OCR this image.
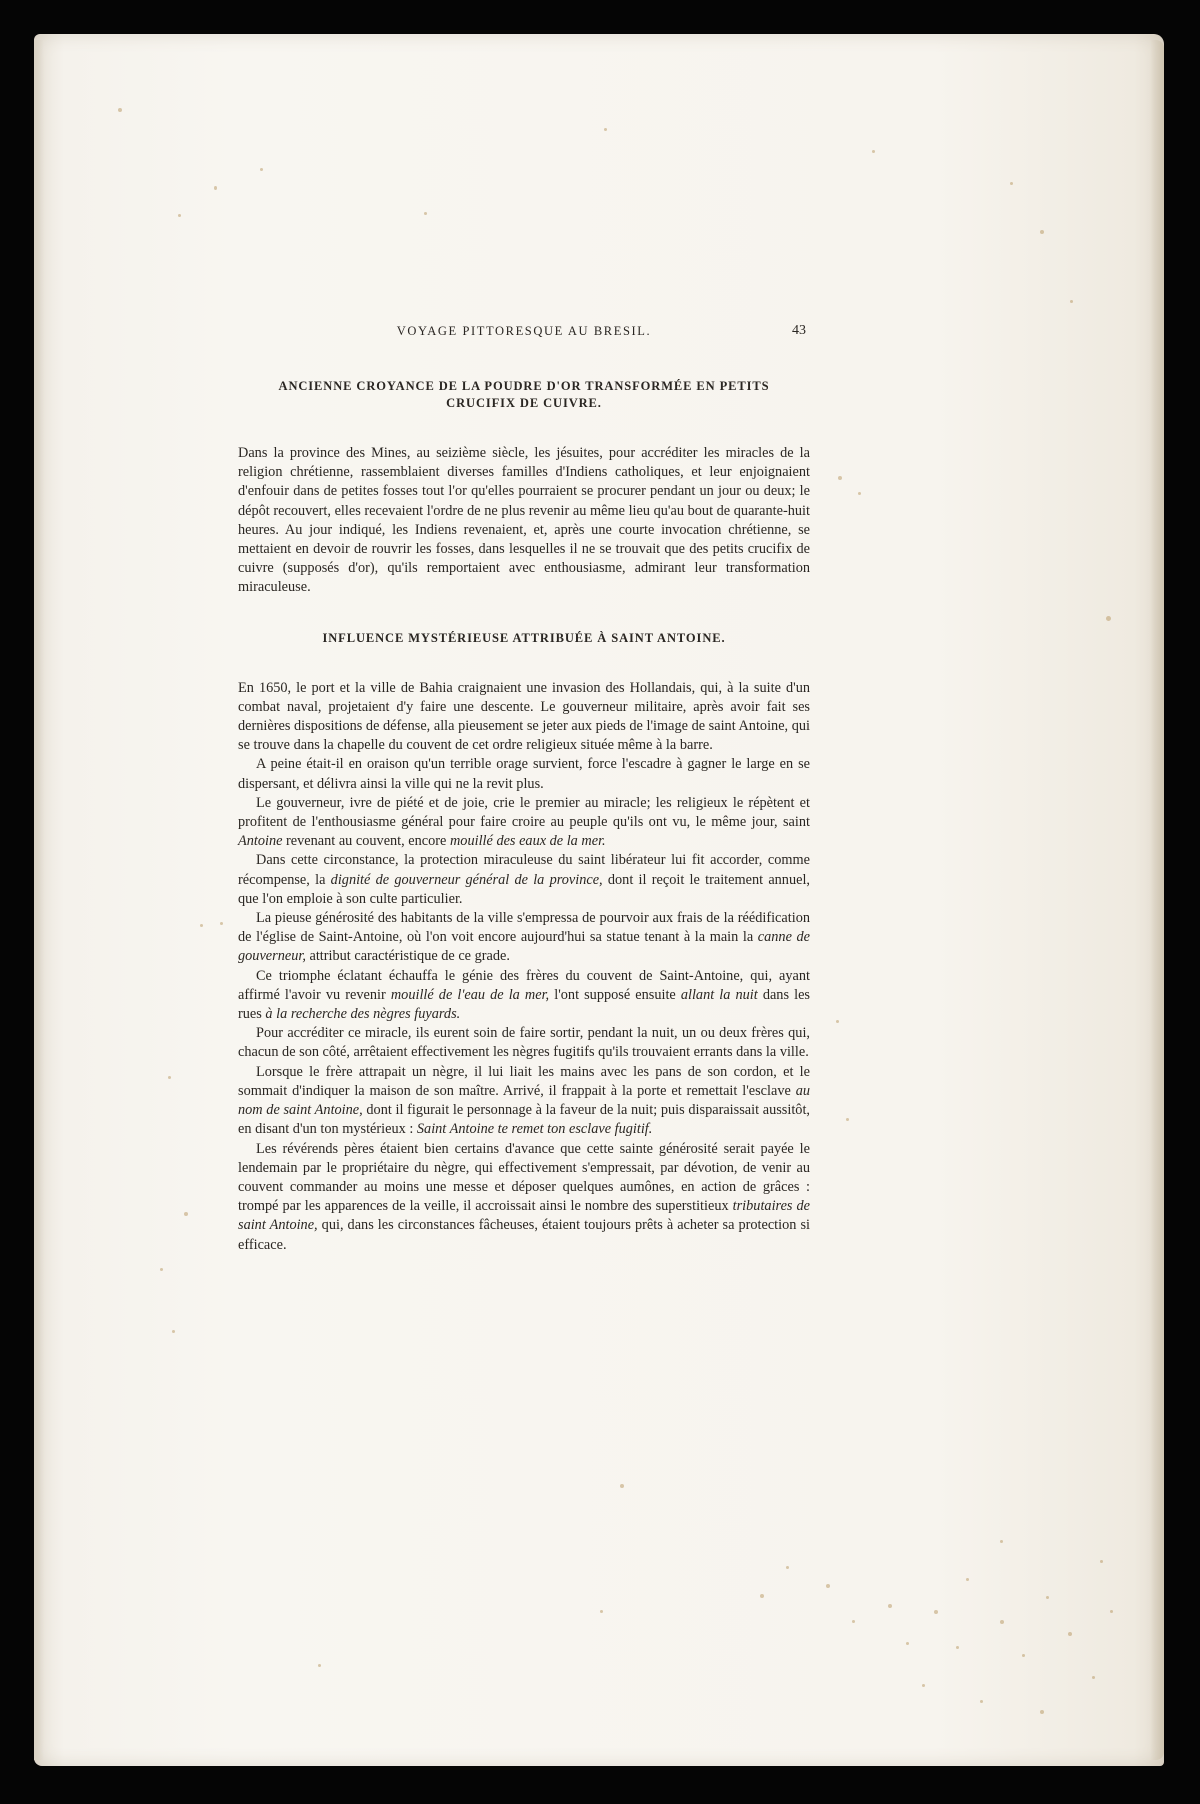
VOYAGE PITTORESQUE AU BRESIL.	43
ANCIENNE CROYANCE DE LA POUDRE D'OR TRANSFORMÉE EN PETITS CRUCIFIX DE CUIVRE.

Dans la province des Mines, au seizième siècle, les jésuites, pour accréditer les miracles de la religion chrétienne, rassemblaient diverses familles d'Indiens catholiques, et leur enjoignaient d'enfouir dans de petites fosses tout l'or qu'elles pourraient se procurer pendant un jour ou deux; le dépôt recouvert, elles recevaient l'ordre de ne plus revenir au même lieu qu'au bout de quarante-huit heures. Au jour indiqué, les Indiens revenaient, et, après une courte invocation chrétienne, se mettaient en devoir de rouvrir les fosses, dans lesquelles il ne se trouvait que des petits crucifix de cuivre (supposés d'or), qu'ils remportaient avec enthousiasme, admirant leur transformation miraculeuse.

INFLUENCE MYSTÉRIEUSE ATTRIBUÉE À SAINT ANTOINE.

En 1650, le port et la ville de Bahia craignaient une invasion des Hollandais, qui, à la suite d'un combat naval, projetaient d'y faire une descente. Le gouverneur militaire, après avoir fait ses dernières dispositions de défense, alla pieusement se jeter aux pieds de l'image de saint Antoine, qui se trouve dans la chapelle du couvent de cet ordre religieux située même à la barre.

A peine était-il en oraison qu'un terrible orage survient, force l'escadre à gagner le large en se dispersant, et délivra ainsi la ville qui ne la revit plus.

Le gouverneur, ivre de piété et de joie, crie le premier au miracle; les religieux le répètent et profitent de l'enthousiasme général pour faire croire au peuple qu'ils ont vu, le même jour, saint Antoine revenant au couvent, encore mouillé des eaux de la mer.

Dans cette circonstance, la protection miraculeuse du saint libérateur lui fit accorder, comme récompense, la dignité de gouverneur général de la province, dont il reçoit le traitement annuel, que l'on emploie à son culte particulier.

La pieuse générosité des habitants de la ville s'empressa de pourvoir aux frais de la réédification de l'église de Saint-Antoine, où l'on voit encore aujourd'hui sa statue tenant à la main la canne de gouverneur, attribut caractéristique de ce grade.

Ce triomphe éclatant échauffa le génie des frères du couvent de Saint-Antoine, qui, ayant affirmé l'avoir vu revenir mouillé de l'eau de la mer, l'ont supposé ensuite allant la nuit dans les rues à la recherche des nègres fuyards.

Pour accréditer ce miracle, ils eurent soin de faire sortir, pendant la nuit, un ou deux frères qui, chacun de son côté, arrêtaient effectivement les nègres fugitifs qu'ils trouvaient errants dans la ville.

Lorsque le frère attrapait un nègre, il lui liait les mains avec les pans de son cordon, et le sommait d'indiquer la maison de son maître. Arrivé, il frappait à la porte et remettait l'esclave au nom de saint Antoine, dont il figurait le personnage à la faveur de la nuit; puis disparaissait aussitôt, en disant d'un ton mystérieux : Saint Antoine te remet ton esclave fugitif.

Les révérends pères étaient bien certains d'avance que cette sainte générosité serait payée le lendemain par le propriétaire du nègre, qui effectivement s'empressait, par dévotion, de venir au couvent commander au moins une messe et déposer quelques aumônes, en action de grâces : trompé par les apparences de la veille, il accroissait ainsi le nombre des superstitieux tributaires de saint Antoine, qui, dans les circonstances fâcheuses, étaient toujours prêts à acheter sa protection si efficace.
